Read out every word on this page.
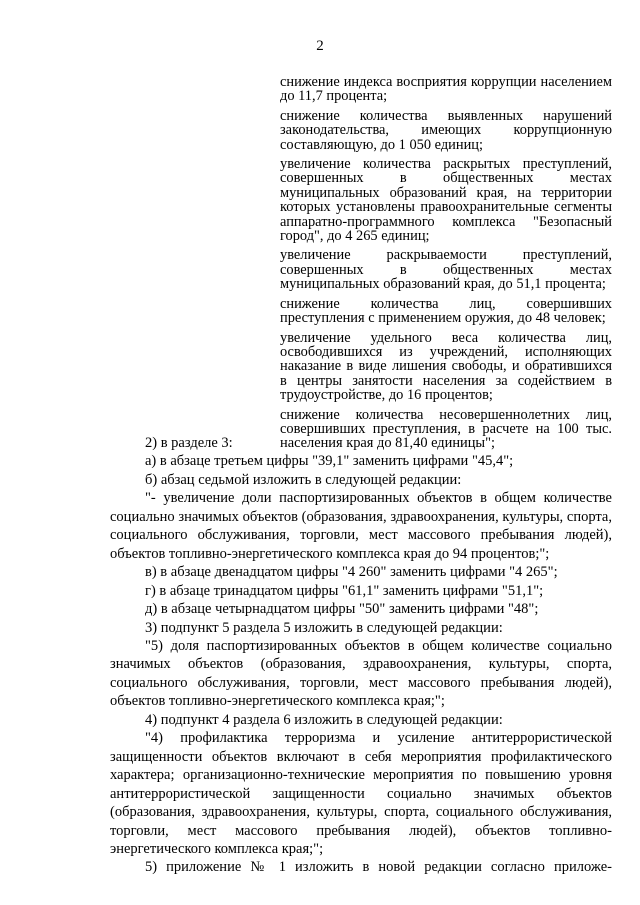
2
снижение индекса восприятия коррупции населением до 11,7 процента;
снижение количества выявленных нарушений законодательства, имеющих коррупционную составляющую, до 1 050 единиц;
увеличение количества раскрытых преступлений, совершенных в общественных местах муниципальных образований края, на территории которых установлены правоохранительные сегменты аппаратно-программного комплекса "Безопасный город", до 4 265 единиц;
увеличение раскрываемости преступлений, совершенных в общественных местах муниципальных образований края, до 51,1 процента;
снижение количества лиц, совершивших преступления с применением оружия, до 48 человек;
увеличение удельного веса количества лиц, освободившихся из учреждений, исполняющих наказание в виде лишения свободы, и обратившихся в центры занятости населения за содействием в трудоустройстве, до 16 процентов;
снижение количества несовершеннолетних лиц, совершивших преступления, в расчете на 100 тыс. населения края до 81,40 единицы";

2) в разделе 3:

а) в абзаце третьем цифры "39,1" заменить цифрами "45,4";

б) абзац седьмой изложить в следующей редакции:

"- увеличение доли паспортизированных объектов в общем количестве социально значимых объектов (образования, здравоохранения, культуры, спорта, социального обслуживания, торговли, мест массового пребывания людей), объектов топливно-энергетического комплекса края до 94 процентов;";

в) в абзаце двенадцатом цифры "4 260" заменить цифрами "4 265";

г) в абзаце тринадцатом цифры "61,1" заменить цифрами "51,1";

д) в абзаце четырнадцатом цифры "50" заменить цифрами "48";

3) подпункт 5 раздела 5 изложить в следующей редакции:

"5) доля паспортизированных объектов в общем количестве социально значимых объектов (образования, здравоохранения, культуры, спорта, социального обслуживания, торговли, мест массового пребывания людей), объектов топливно-энергетического комплекса края;";

4) подпункт 4 раздела 6 изложить в следующей редакции:

"4) профилактика терроризма и усиление антитеррористической защищенности объектов включают в себя мероприятия профилактического характера; организационно-технические мероприятия по повышению уровня антитеррористической защищенности социально значимых объектов (образования, здравоохранения, культуры, спорта, социального обслуживания, торговли, мест массового пребывания людей), объектов топливно-энергетического комплекса края;";

5) приложение № 1 изложить в новой редакции согласно приложе-
